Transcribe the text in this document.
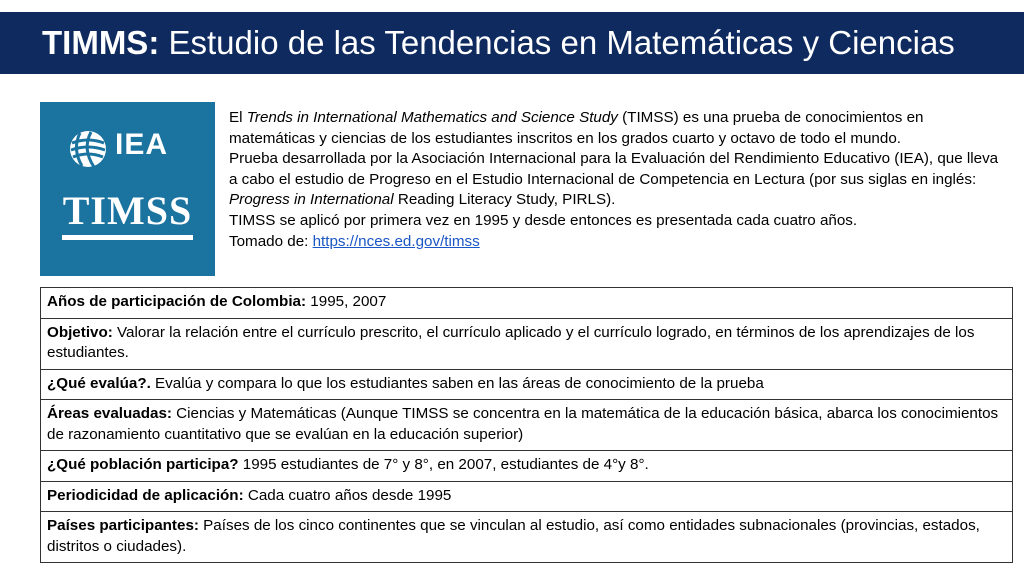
TIMMS: Estudio de las Tendencias en Matemáticas y Ciencias
IEA
TIMSS

El Trends in International Mathematics and Science Study (TIMSS) es una prueba de conocimientos en matemáticas y ciencias de los estudiantes inscritos en los grados cuarto y octavo de todo el mundo.

Prueba desarrollada por la Asociación Internacional para la Evaluación del Rendimiento Educativo (IEA), que lleva a cabo el estudio de Progreso en el Estudio Internacional de Competencia en Lectura (por sus siglas en inglés: Progress in International Reading Literacy Study, PIRLS).

TIMSS se aplicó por primera vez en 1995 y desde entonces es presentada cada cuatro años.

Tomado de: https://nces.ed.gov/timss

Años de participación de Colombia: 1995, 2007
Objetivo: Valorar la relación entre el currículo prescrito, el currículo aplicado y el currículo logrado, en términos de los aprendizajes de los estudiantes.
¿Qué evalúa?. Evalúa y compara lo que los estudiantes saben en las áreas de conocimiento de la prueba
Áreas evaluadas: Ciencias y Matemáticas (Aunque TIMSS se concentra en la matemática de la educación básica, abarca los conocimientos de razonamiento cuantitativo que se evalúan en la educación superior)
¿Qué población participa? 1995 estudiantes de 7° y 8°, en 2007, estudiantes de 4°y 8°.
Periodicidad de aplicación: Cada cuatro años desde 1995
Países participantes: Países de los cinco continentes que se vinculan al estudio, así como entidades subnacionales (provincias, estados, distritos o ciudades).
